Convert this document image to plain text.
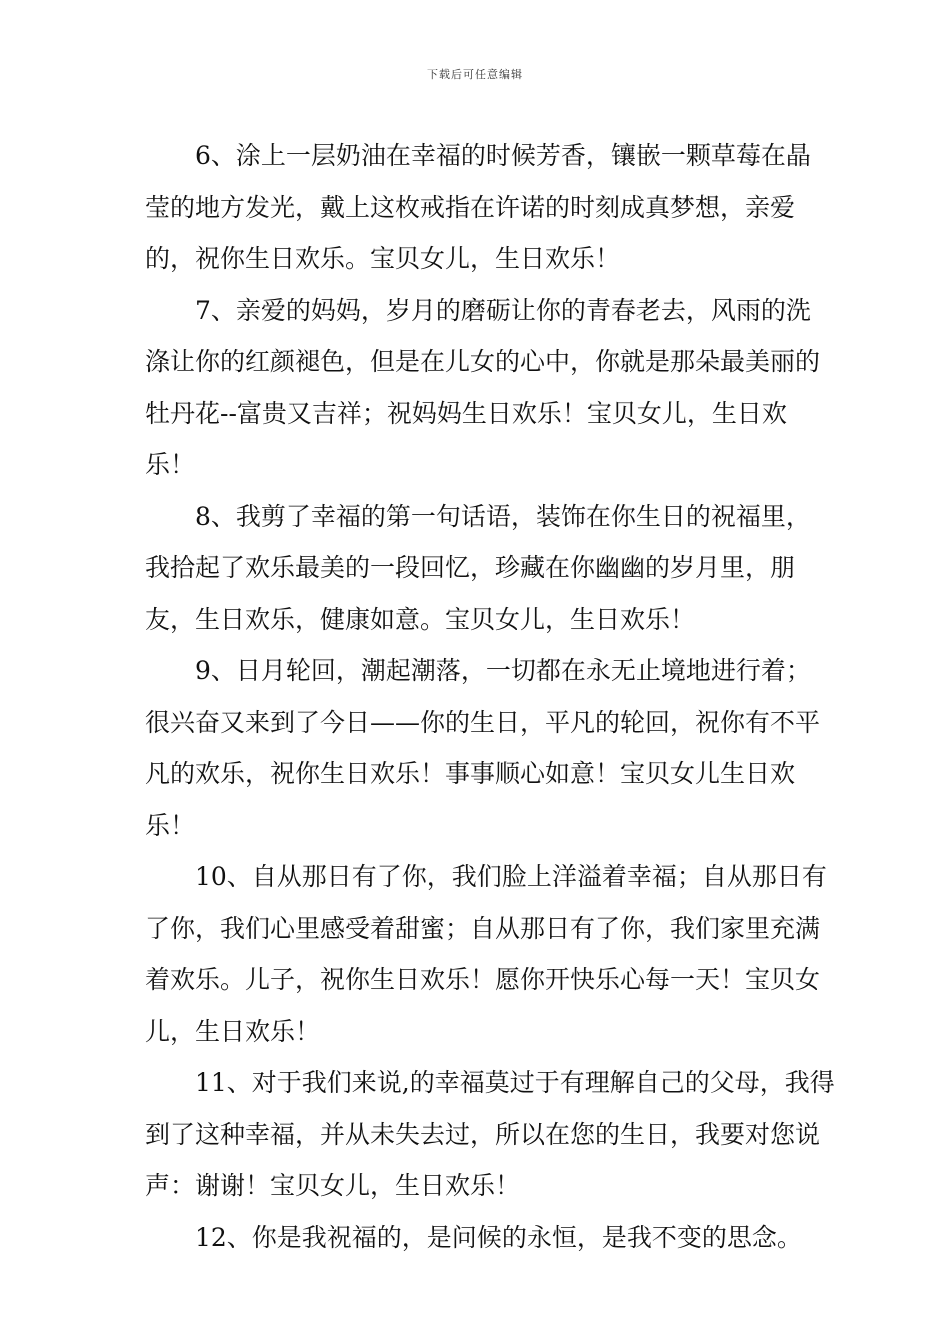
下载后可任意编辑

6、涂上一层奶油在幸福的时候芳香，镶嵌一颗草莓在晶莹的地方发光，戴上这枚戒指在许诺的时刻成真梦想，亲爱的，祝你生日欢乐。宝贝女儿，生日欢乐！

7、亲爱的妈妈，岁月的磨砺让你的青春老去，风雨的洗涤让你的红颜褪色，但是在儿女的心中，你就是那朵最美丽的牡丹花--富贵又吉祥；祝妈妈生日欢乐！宝贝女儿，生日欢乐！

8、我剪了幸福的第一句话语，装饰在你生日的祝福里，我拾起了欢乐最美的一段回忆，珍藏在你幽幽的岁月里，朋友，生日欢乐，健康如意。宝贝女儿，生日欢乐！

9、日月轮回，潮起潮落，一切都在永无止境地进行着；很兴奋又来到了今日——你的生日，平凡的轮回，祝你有不平凡的欢乐，祝你生日欢乐！事事顺心如意！宝贝女儿生日欢乐！

10、自从那日有了你，我们脸上洋溢着幸福；自从那日有了你，我们心里感受着甜蜜；自从那日有了你，我们家里充满着欢乐。儿子，祝你生日欢乐！愿你开快乐心每一天！宝贝女儿，生日欢乐！

11、对于我们来说,的幸福莫过于有理解自己的父母，我得到了这种幸福，并从未失去过，所以在您的生日，我要对您说声：谢谢！宝贝女儿，生日欢乐！

12、你是我祝福的，是问候的永恒，是我不变的思念。
